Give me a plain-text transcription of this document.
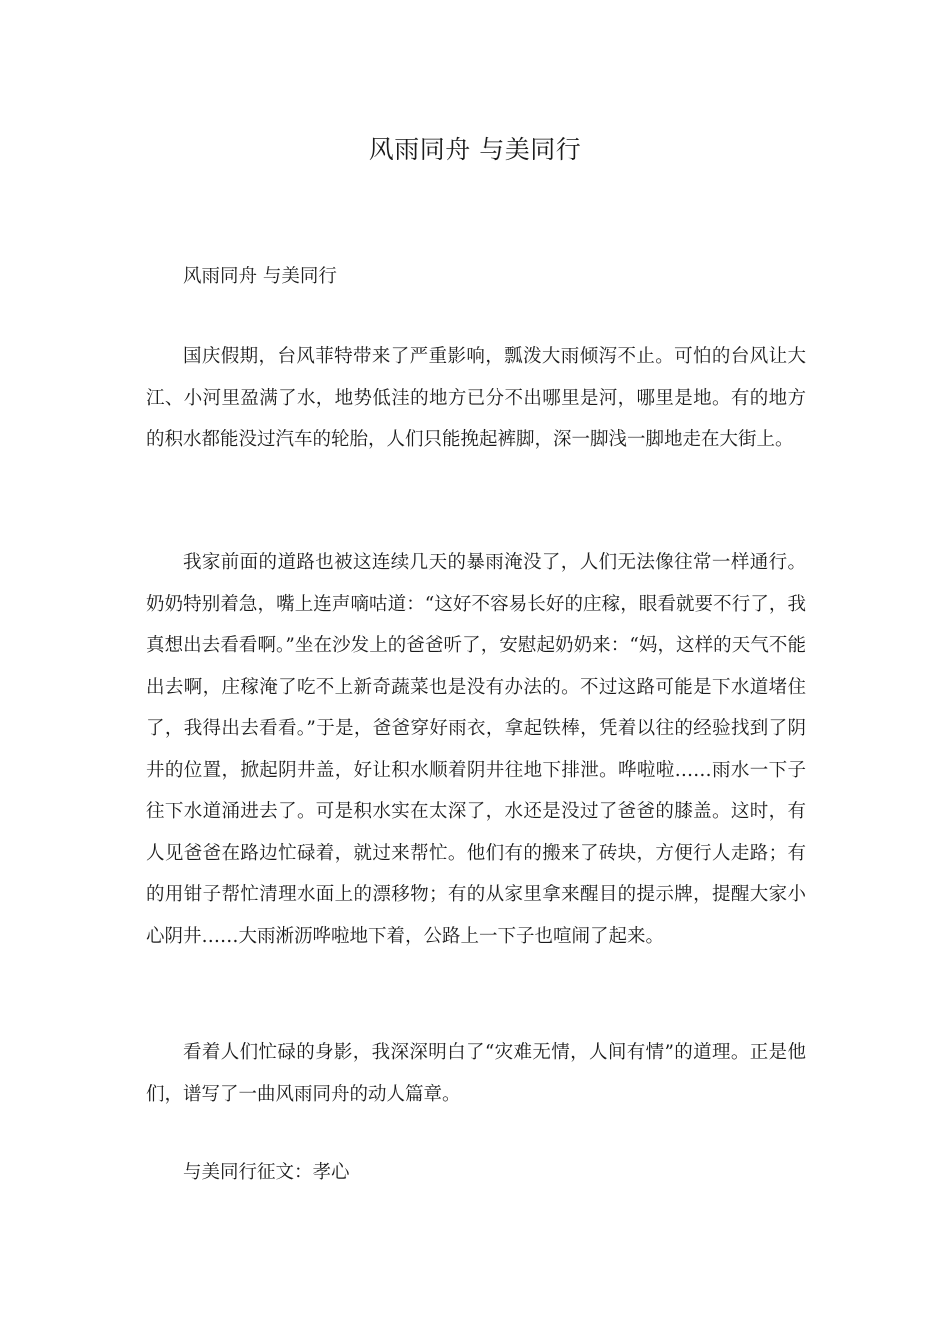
风雨同舟 与美同行

风雨同舟 与美同行

国庆假期，台风菲特带来了严重影响，瓢泼大雨倾泻不止。可怕的台风让大江、小河里盈满了水，地势低洼的地方已分不出哪里是河，哪里是地。有的地方的积水都能没过汽车的轮胎，人们只能挽起裤脚，深一脚浅一脚地走在大街上。

我家前面的道路也被这连续几天的暴雨淹没了，人们无法像往常一样通行。奶奶特别着急，嘴上连声嘀咕道：“这好不容易长好的庄稼，眼看就要不行了，我真想出去看看啊。”坐在沙发上的爸爸听了，安慰起奶奶来：“妈，这样的天气不能出去啊，庄稼淹了吃不上新奇蔬菜也是没有办法的。不过这路可能是下水道堵住了，我得出去看看。”于是，爸爸穿好雨衣，拿起铁棒，凭着以往的经验找到了阴井的位置，掀起阴井盖，好让积水顺着阴井往地下排泄。哗啦啦……雨水一下子往下水道涌进去了。可是积水实在太深了，水还是没过了爸爸的膝盖。这时，有人见爸爸在路边忙碌着，就过来帮忙。他们有的搬来了砖块，方便行人走路；有的用钳子帮忙清理水面上的漂移物；有的从家里拿来醒目的提示牌，提醒大家小心阴井……大雨淅沥哗啦地下着，公路上一下子也喧闹了起来。

看着人们忙碌的身影，我深深明白了“灾难无情，人间有情”的道理。正是他们，谱写了一曲风雨同舟的动人篇章。

与美同行征文：孝心
